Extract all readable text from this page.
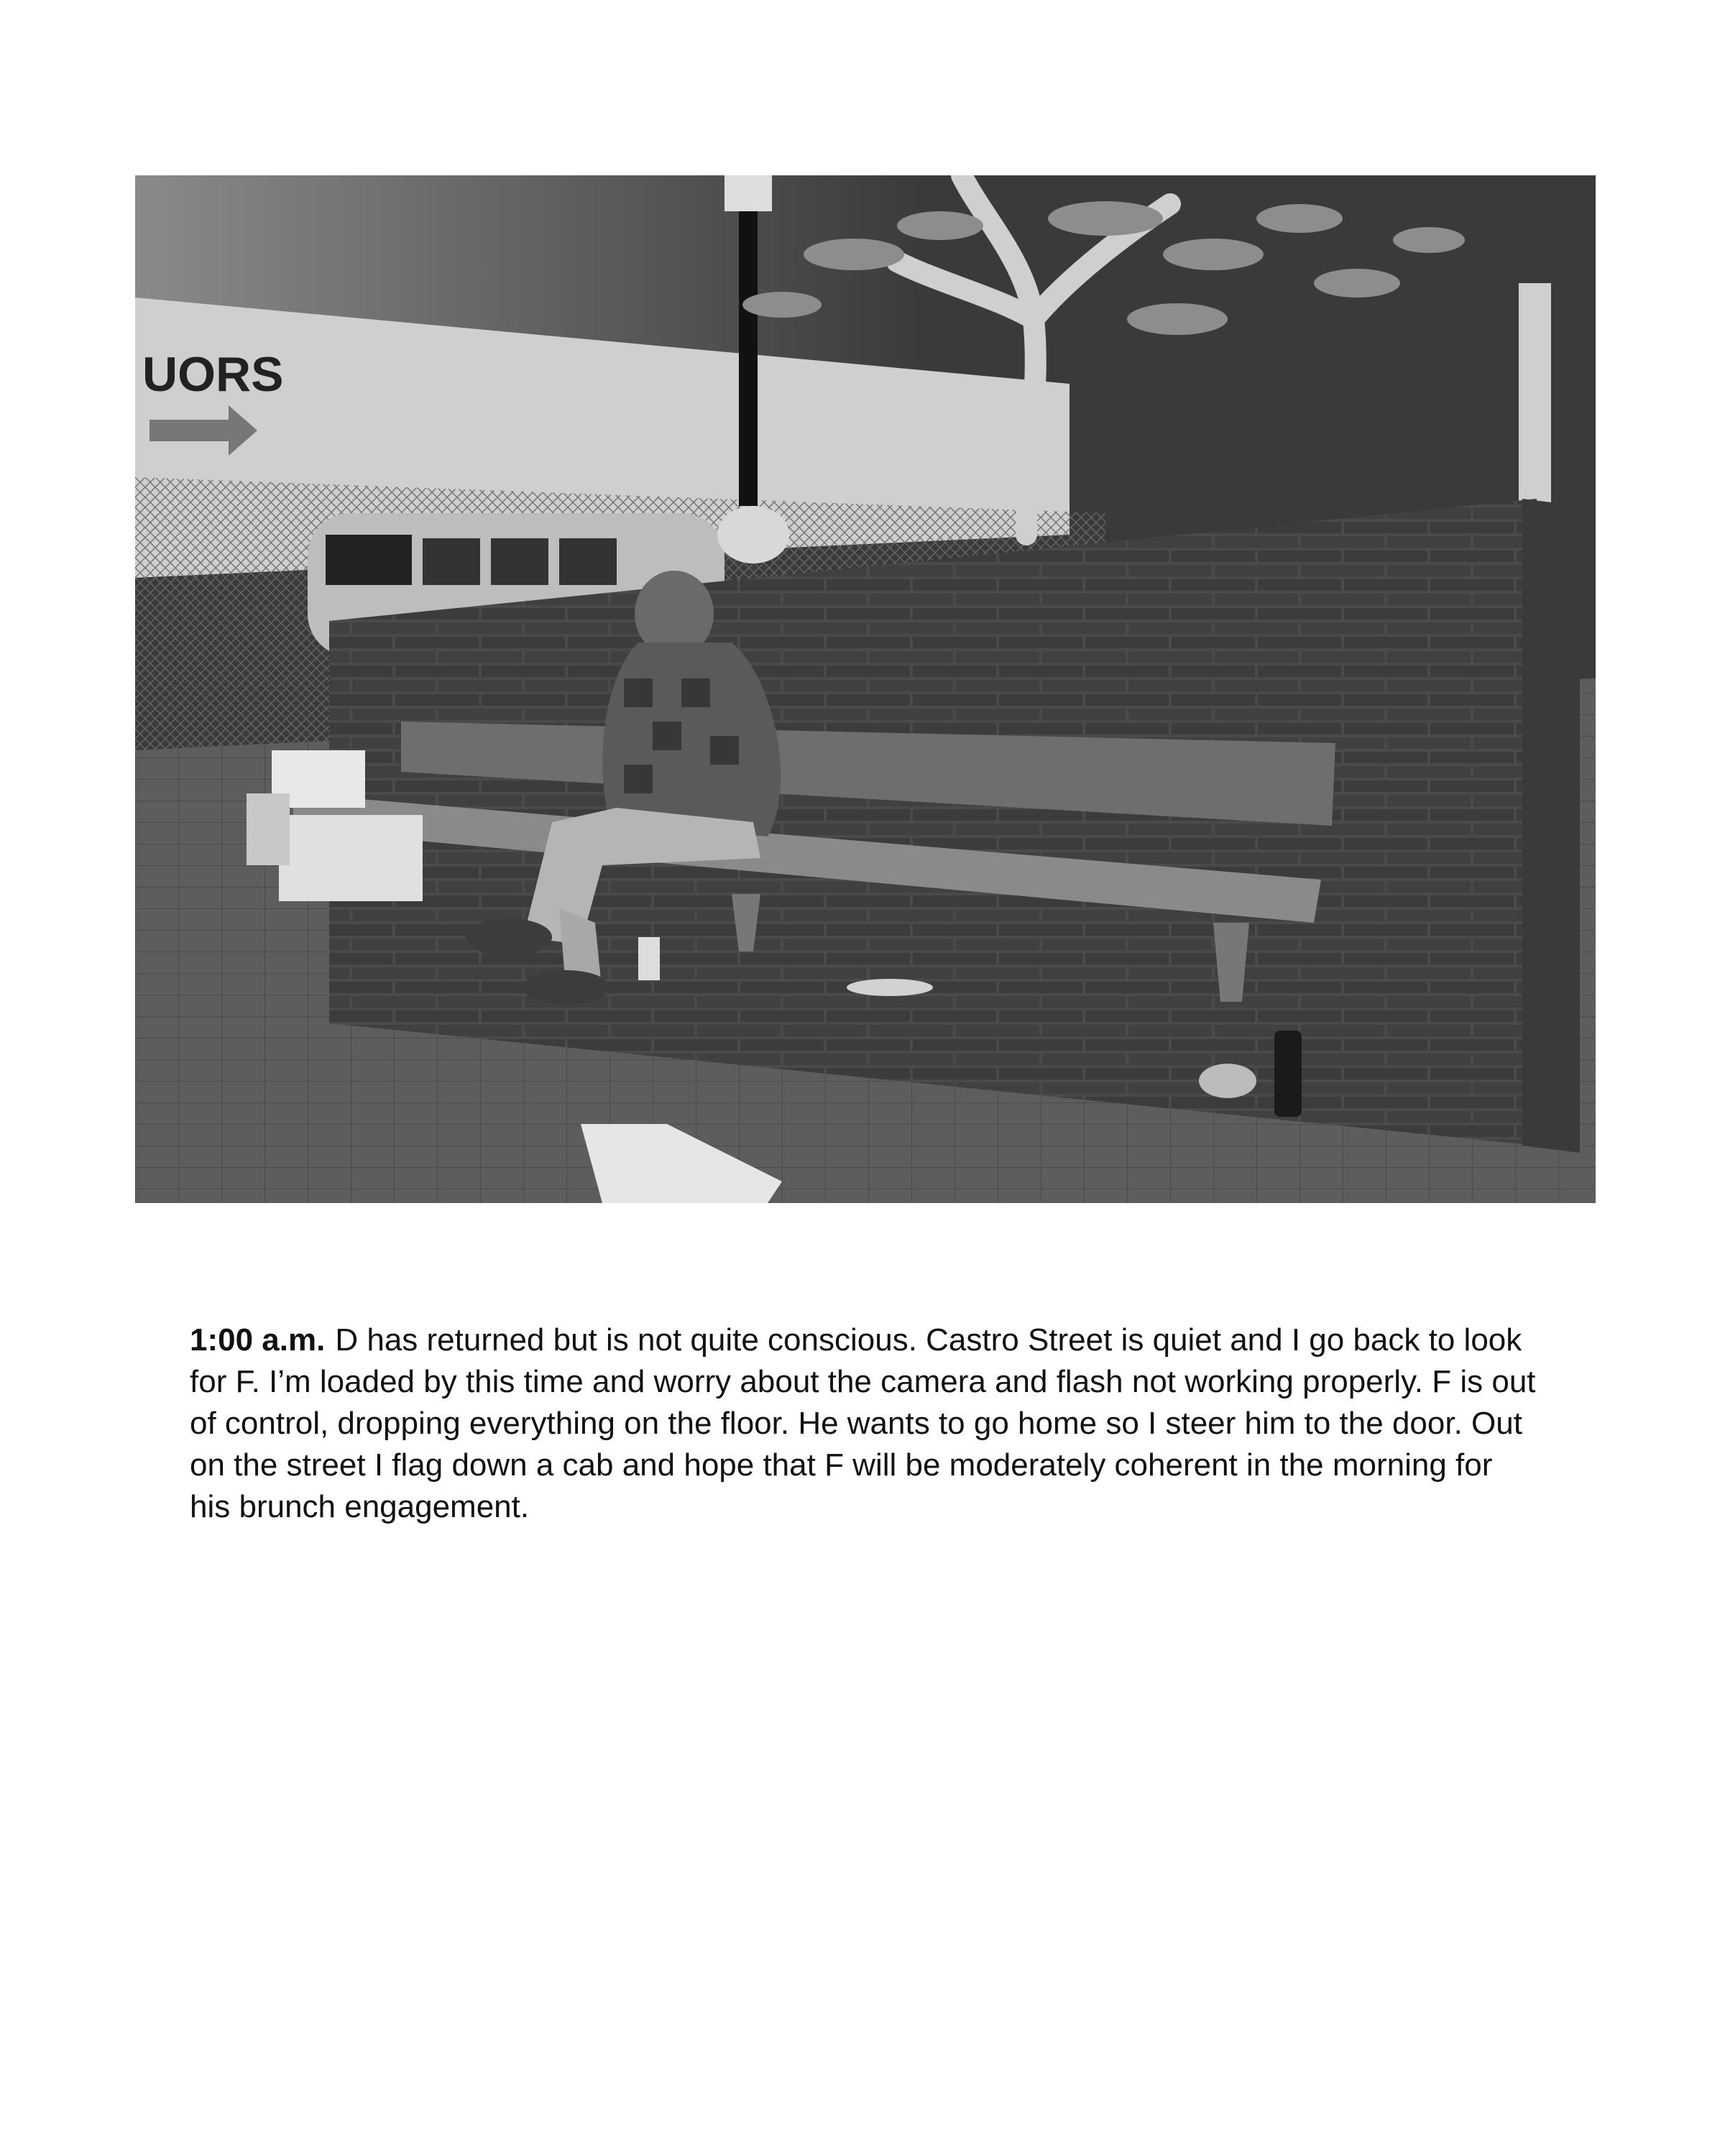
UORS

1:00 a.m. D has returned but is not quite conscious. Castro Street is quiet and I go back to look for F. I’m loaded by this time and worry about the camera and flash not working properly. F is out of control, dropping everything on the floor. He wants to go home so I steer him to the door. Out on the street I flag down a cab and hope that F will be moderately coherent in the morning for his brunch engagement.
